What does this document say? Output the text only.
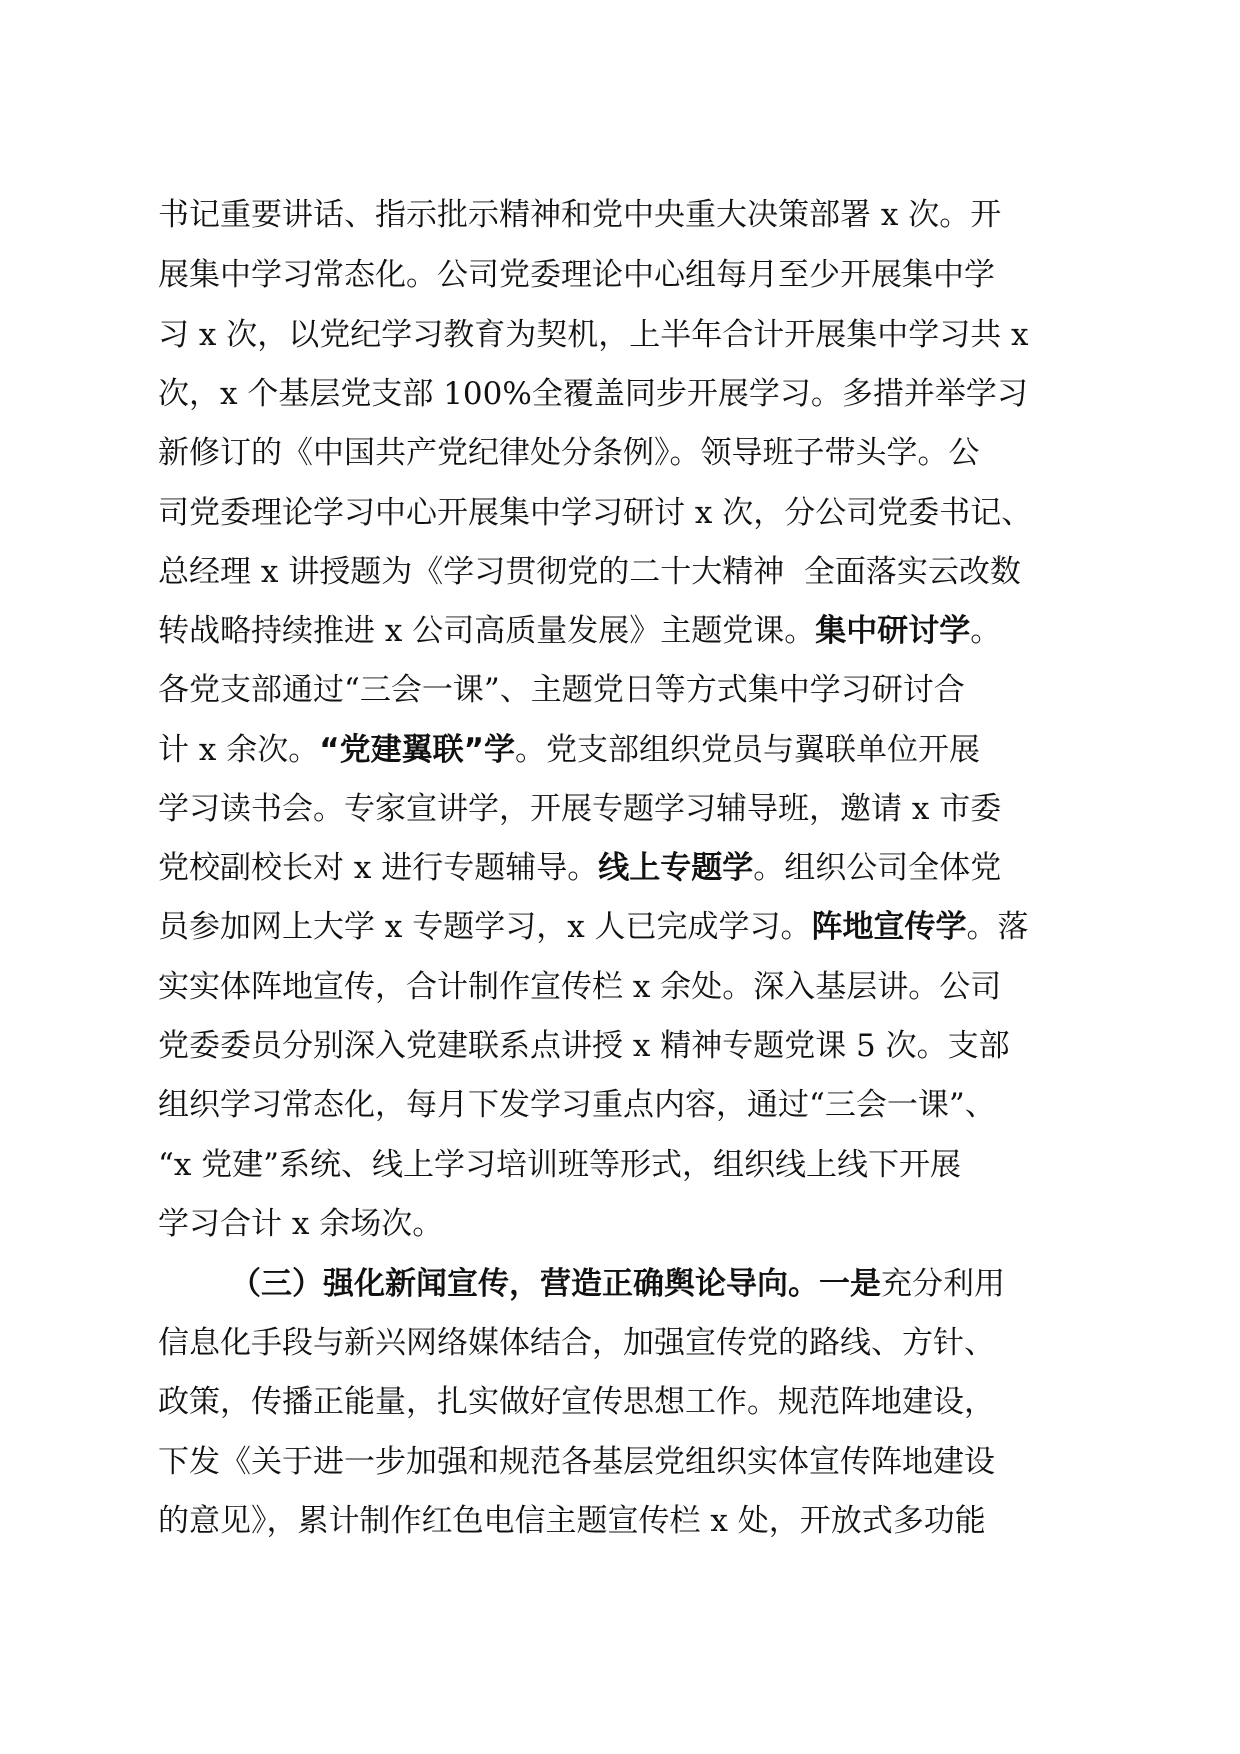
书记重要讲话、指示批示精神和党中央重大决策部署 x 次。开
展集中学习常态化。公司党委理论中心组每月至少开展集中学
习 x 次，以党纪学习教育为契机，上半年合计开展集中学习共 x
次，x 个基层党支部 100%全覆盖同步开展学习。多措并举学习
新修订的《中国共产党纪律处分条例》。领导班子带头学。公
司党委理论学习中心开展集中学习研讨 x 次，分公司党委书记、
总经理 x 讲授题为《学习贯彻党的二十大精神  全面落实云改数
转战略持续推进 x 公司高质量发展》主题党课。集中研讨学。
各党支部通过“三会一课”、主题党日等方式集中学习研讨合
计 x 余次。“党建翼联”学。党支部组织党员与翼联单位开展
学习读书会。专家宣讲学，开展专题学习辅导班，邀请 x 市委
党校副校长对 x 进行专题辅导。线上专题学。组织公司全体党
员参加网上大学 x 专题学习，x 人已完成学习。阵地宣传学。落
实实体阵地宣传，合计制作宣传栏 x 余处。深入基层讲。公司
党委委员分别深入党建联系点讲授 x 精神专题党课 5 次。支部
组织学习常态化，每月下发学习重点内容，通过“三会一课”、
“x 党建”系统、线上学习培训班等形式，组织线上线下开展
学习合计 x 余场次。
（三）强化新闻宣传，营造正确舆论导向。一是充分利用
信息化手段与新兴网络媒体结合，加强宣传党的路线、方针、
政策，传播正能量，扎实做好宣传思想工作。规范阵地建设，
下发《关于进一步加强和规范各基层党组织实体宣传阵地建设
的意见》，累计制作红色电信主题宣传栏 x 处，开放式多功能
